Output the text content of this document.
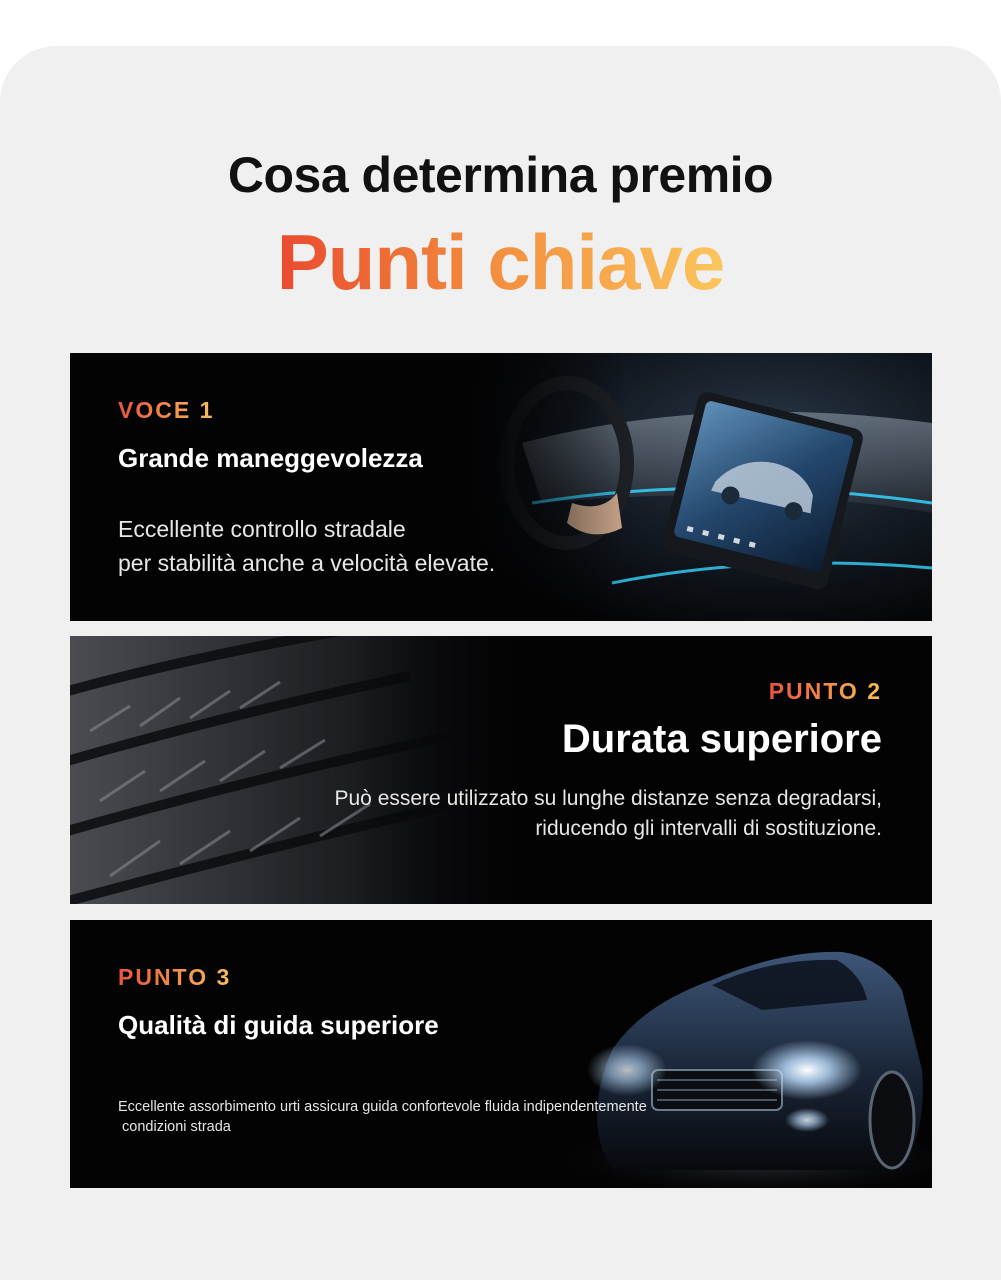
Cosa determina premio
Punti chiave
VOCE 1
Grande maneggevolezza
Eccellente controllo stradale
per stabilità anche a velocità elevate.
PUNTO 2
Durata superiore
Può essere utilizzato su lunghe distanze senza degradarsi,
riducendo gli intervalli di sostituzione.
PUNTO 3
Qualità di guida superiore
Eccellente assorbimento urti assicura guida confortevole fluida indipendentemente
condizioni strada
